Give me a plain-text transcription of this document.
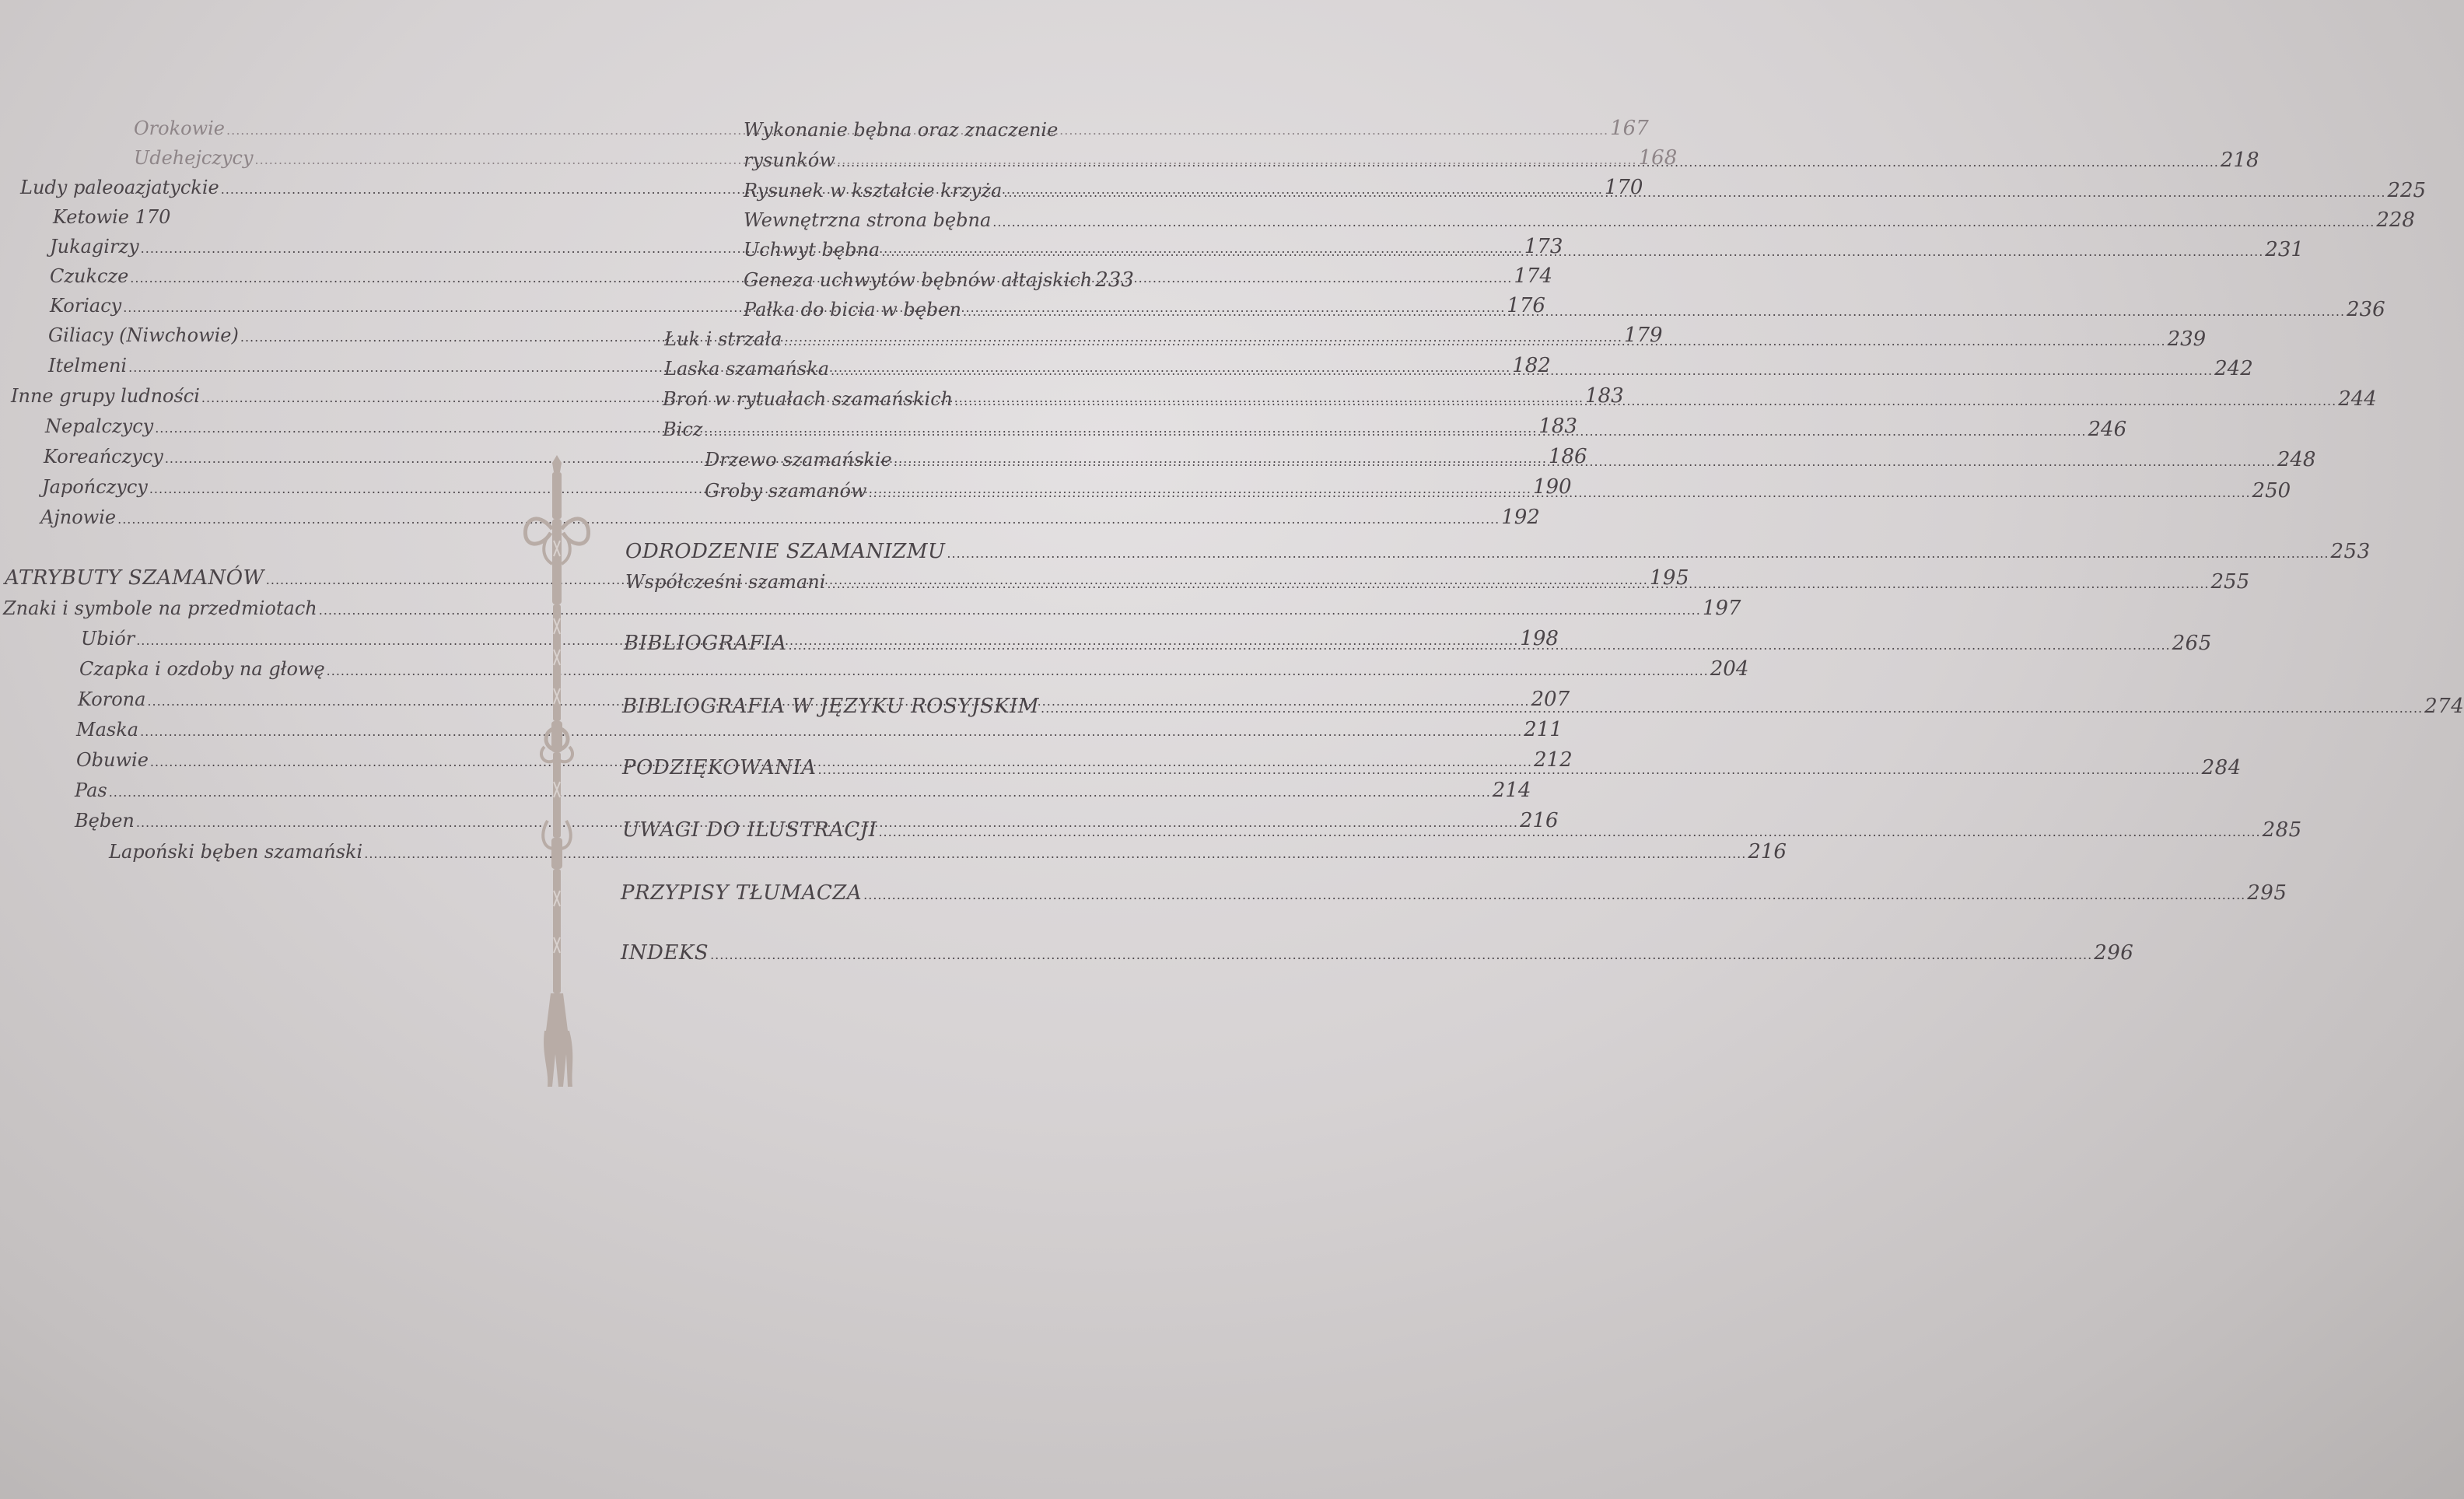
Orokowie .....	167
Udehejczycy .....	168
Ludy paleoazjatyckie .....	170
Ketowie 170
Jukagirzy .....	173
Czukcze .....	174
Koriacy .....	176
Giliacy (Niwchowie) .....	179
Itelmeni .....	182
Inne grupy ludności .....	183
Nepalczycy .....	183
Koreańczycy .....	186
Japończycy .....	190
Ajnowie .....	192
ATRYBUTY SZAMANÓW .....	195
Znaki i symbole na przedmiotach .....	197
Ubiór .....	198
Czapka i ozdoby na głowę .....	204
Korona .....	207
Maska .....	211
Obuwie .....	212
Pas .....	214
Bęben .....	216
Lapoński bęben szamański .....	216
Wykonanie bębna oraz znaczenie
rysunków .....	218
Rysunek w kształcie krzyża .....	225
Wewnętrzna strona bębna .....	228
Uchwyt bębna .....	231
Geneza uchwytów bębnów ałtajskich 233
Pałka do bicia w bęben .....	236
Łuk i strzała .....	239
Laska szamańska .....	242
Broń w rytuałach szamańskich .....	244
Bicz .....	246
Drzewo szamańskie .....	248
Groby szamanów .....	250
ODRODZENIE SZAMANIZMU .....	253
Współcześni szamani .....	255
BIBLIOGRAFIA .....	265
BIBLIOGRAFIA W JĘZYKU ROSYJSKIM .....	274
PODZIĘKOWANIA .....	284
UWAGI DO ILUSTRACJI .....	285
PRZYPISY TŁUMACZA .....	295
INDEKS .....	296
